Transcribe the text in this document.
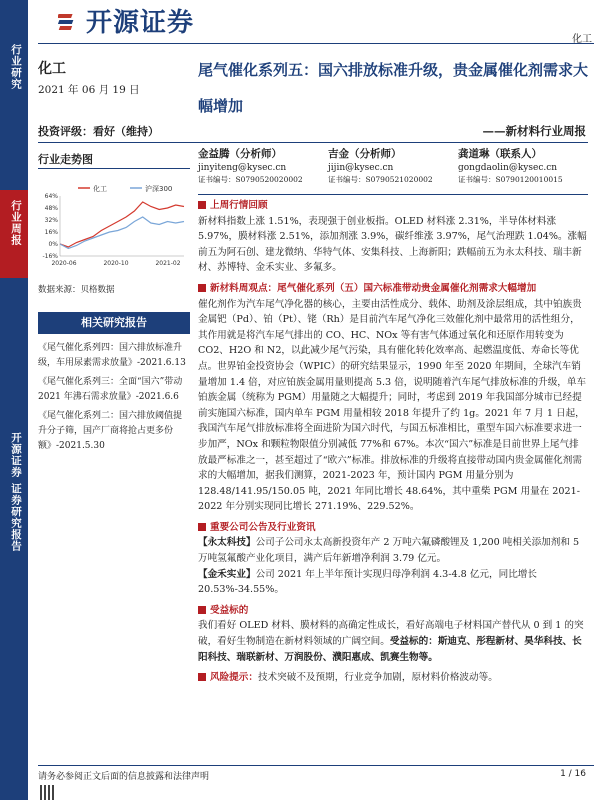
行业研究
行业周报
开源证券 证券研究报告
开源证券
化工
化工
2021 年 06 月 19 日
尾气催化系列五：国六排放标准升级，贵金属催化剂需求大幅增加
投资评级：看好（维持）	——新材料行业周报
行业走势图
化工	沪深300
-16%
0%
16%
32%
48%
64%
2020-06	2020-10	2021-02
数据来源：贝格数据
相关研究报告
《尾气催化系列四：国六排放标准升级，车用尿素需求放量》-2021.6.13
《尾气催化系列三：全面“国六”带动 2021 年沸石需求放量》-2021.6.6
《尾气催化系列二：国六排放阈值提升分子筛，国产厂商将抢占更多份额》-2021.5.30
金益腾（分析师）
jinyiteng@kysec.cn
证书编号：S0790520020002
吉金（分析师）
jijin@kysec.cn
证书编号：S0790521020002
龚道琳（联系人）
gongdaolin@kysec.cn
证书编号：S0790120010015
上周行情回顾
新材料指数上涨 1.51%，表现强于创业板指。OLED 材料涨 2.31%，半导体材料涨 5.97%，膜材料涨 2.51%，添加剂涨 3.9%，碳纤维涨 3.97%，尾气治理跌 1.04%。涨幅前五为阿石创、建龙微纳、华特气体、安集科技、上海新阳；跌幅前五为永太科技、瑞丰新材、苏博特、金禾实业、多氟多。
新材料周观点：尾气催化系列（五）国六标准带动贵金属催化剂需求大幅增加
催化剂作为汽车尾气净化器的核心，主要由活性成分、载体、助剂及涂层组成，其中铂族贵金属钯（Pd）、铂（Pt）、铑（Rh）是目前汽车尾气净化三效催化剂中最常用的活性组分，其作用就是将汽车尾气排出的 CO、HC、NOx 等有害气体通过氧化和还原作用转变为 CO2、H2O 和 N2，以此减少尾气污染，具有催化转化效率高、起燃温度低、寿命长等优点。世界铂金投资协会（WPIC）的研究结果显示，1990 年至 2020 年期间，全球汽车销量增加 1.4 倍，对应铂族金属用量则提高 5.3 倍，说明随着汽车尾气排放标准的升级，单车铂族金属（统称为 PGM）用量随之大幅提升；同时，考虑到 2019 年我国部分城市已经提前实施国六标准，国内单车 PGM 用量相较 2018 年提升了约 1g。2021 年 7 月 1 日起，我国汽车尾气排放标准将全面进阶为国六时代，与国五标准相比，重型车国六标准要求进一步加严，NOx 和颗粒物限值分别减低 77%和 67%。本次“国六”标准是目前世界上尾气排放最严标准之一，甚至超过了“欧六”标准。排放标准的升级将直接带动国内贵金属催化剂需求的大幅增加，据我们测算，2021-2023 年，预计国内 PGM 用量分别为 128.48/141.95/150.05 吨，2021 年同比增长 48.64%，其中重柴 PGM 用量在 2021-2022 年分别实现同比增长 271.19%、229.52%。
重要公司公告及行业资讯
【永太科技】公司子公司永太高新投资年产 2 万吨六氟磷酸锂及 1,200 吨相关添加剂和 5 万吨氢氟酸产业化项目，满产后年新增净利润 3.79 亿元。
【金禾实业】公司 2021 年上半年预计实现归母净利润 4.3-4.8 亿元，同比增长 20.53%-34.55%。
受益标的
我们看好 OLED 材料、膜材料的高确定性成长，看好高端电子材料国产替代从 0 到 1 的突破，看好生物制造在新材料领域的广阔空间。受益标的：斯迪克、彤程新材、昊华科技、长阳科技、瑞联新材、万润股份、濮阳惠成、凯赛生物等。
风险提示：技术突破不及预期，行业竞争加剧，原材料价格波动等。
请务必参阅正文后面的信息披露和法律声明	1 / 16
